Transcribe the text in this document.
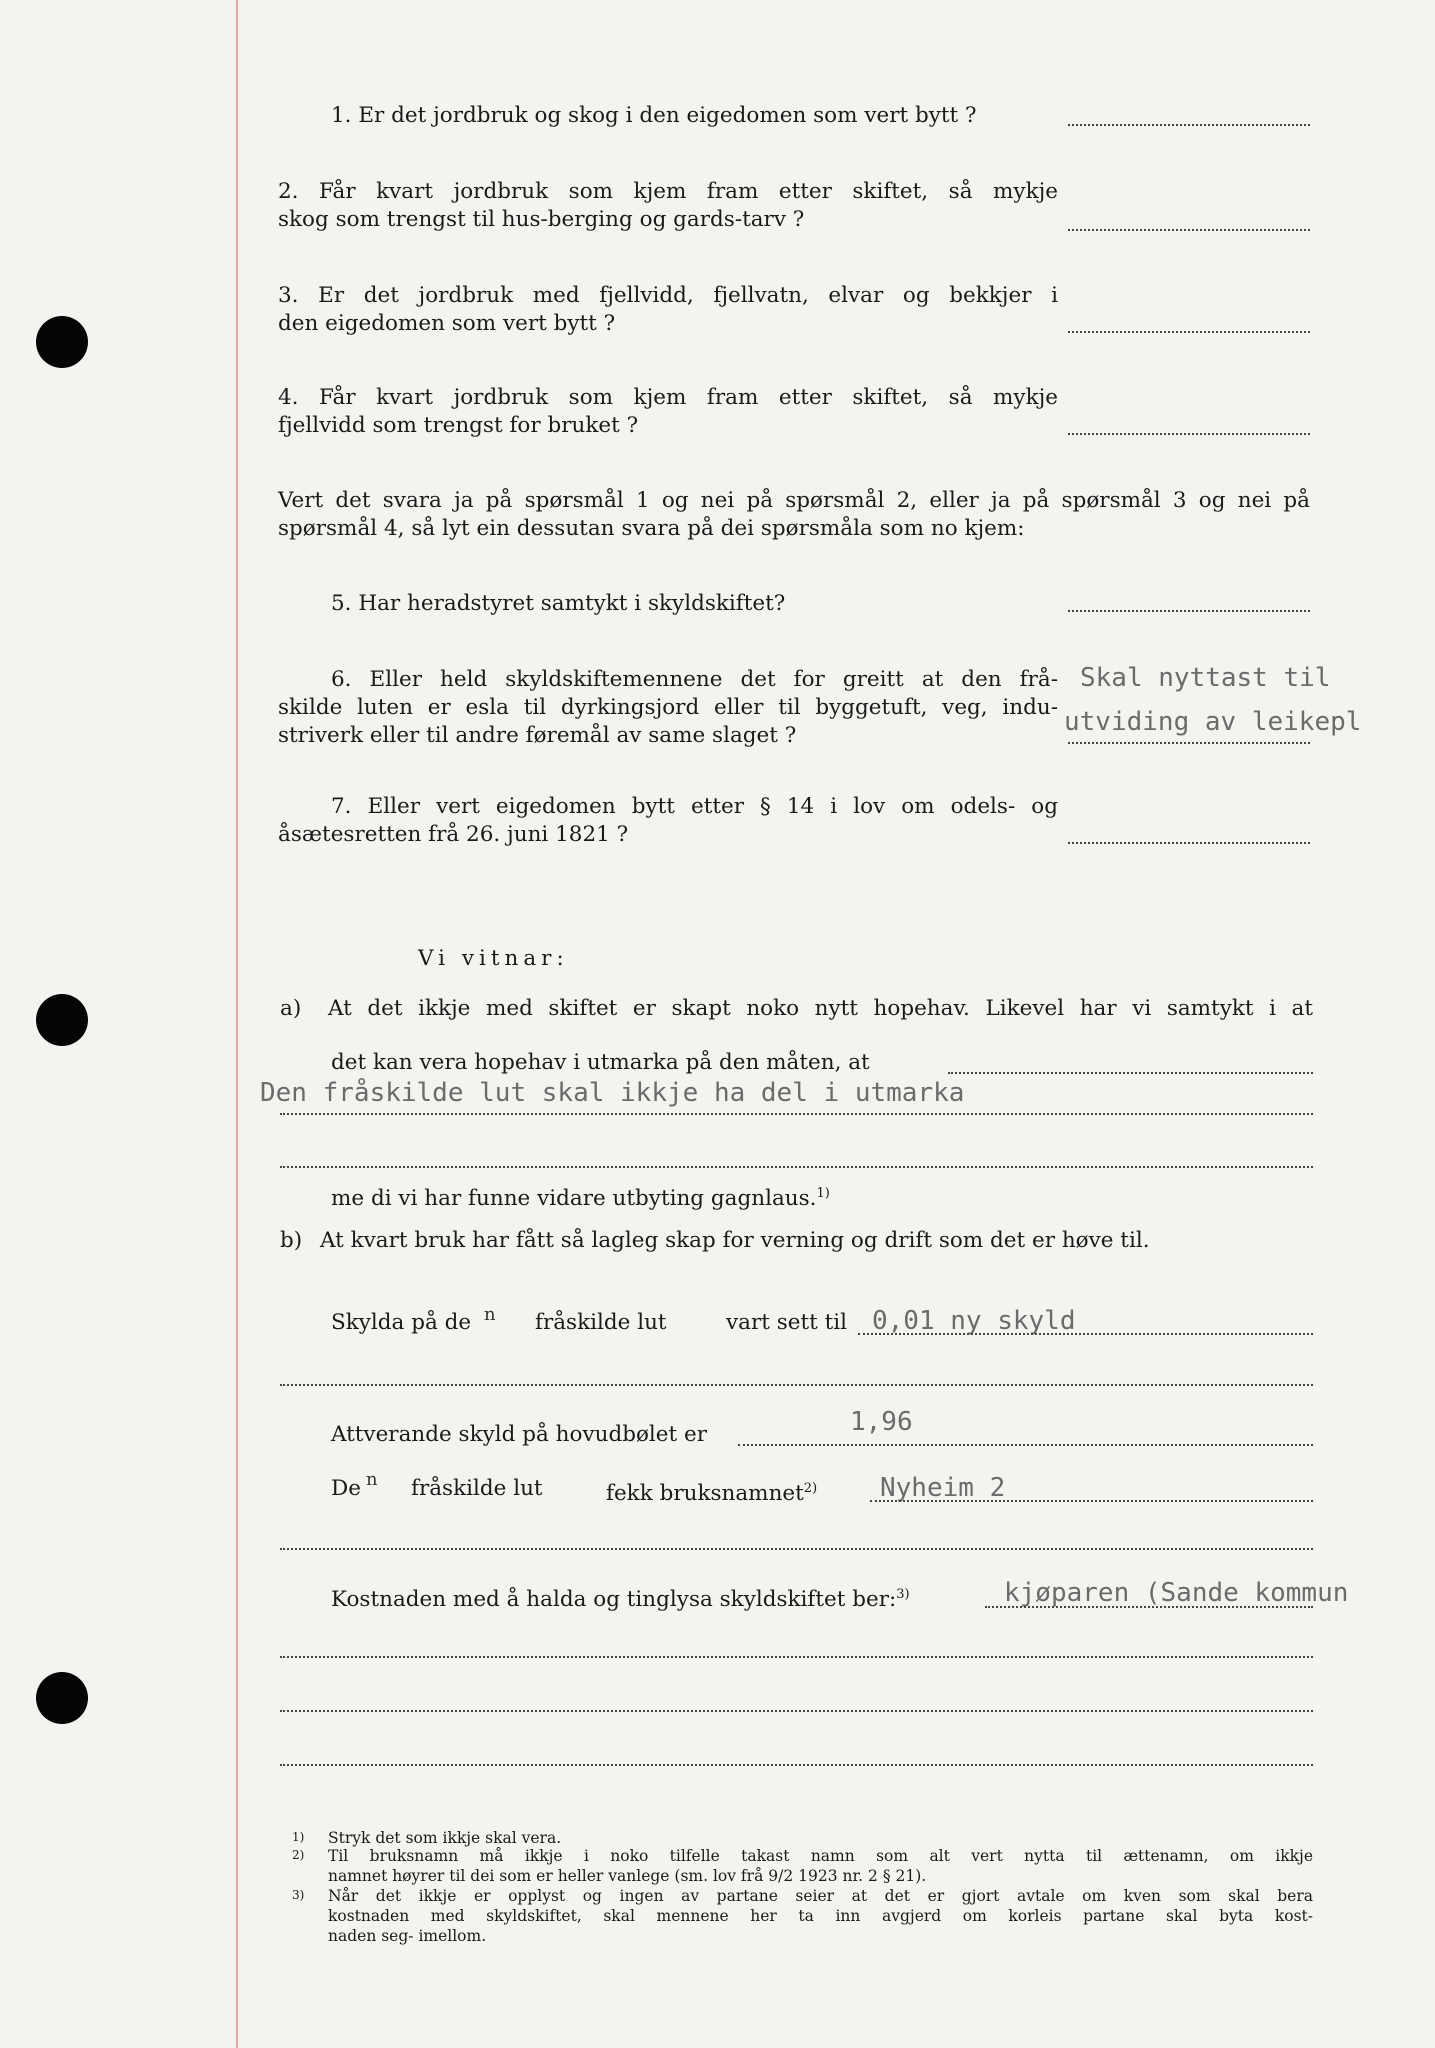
1. Er det jordbruk og skog i den eigedomen som vert bytt ?
2. Får kvart jordbruk som kjem fram etter skiftet, så mykje
skog som trengst til hus-berging og gards-tarv ?
3. Er det jordbruk med fjellvidd, fjellvatn, elvar og bekkjer i
den eigedomen som vert bytt ?
4. Får kvart jordbruk som kjem fram etter skiftet, så mykje
fjellvidd som trengst for bruket ?
Vert det svara ja på spørsmål 1 og nei på spørsmål 2, eller ja på spørsmål 3 og nei på
spørsmål 4, så lyt ein dessutan svara på dei spørsmåla som no kjem:
5. Har heradstyret samtykt i skyldskiftet?
6. Eller held skyldskiftemennene det for greitt at den frå-
skilde luten er esla til dyrkingsjord eller til byggetuft, veg, indu-
striverk eller til andre føremål av same slaget ?
Skal nyttast til
utviding av leikepl
7. Eller vert eigedomen bytt etter § 14 i lov om odels- og
åsætesretten frå 26. juni 1821 ?
Vi vitnar:
a) At det ikkje med skiftet er skapt noko nytt hopehav. Likevel har vi samtykt i at
det kan vera hopehav i utmarka på den måten, at
Den fråskilde lut skal ikkje ha del i utmarka
me di vi har funne vidare utbyting gagnlaus.$^{1)}$
b) At kvart bruk har fått så lagleg skap for verning og drift som det er høve til.
Skylda på de n fråskilde lut	vart sett til 0,01 ny skyld
Attverande skyld på hovudbølet er	1,96
De n fråskilde lut	fekk bruksnamnet$^{2)}$ Nyheim 2
Kostnaden med å halda og tinglysa skyldskiftet ber:$^{3)}$	kjøparen (Sande kommun
1) Stryk det som ikkje skal vera.
2) Til bruksnamn må ikkje i noko tilfelle takast namn som alt vert nytta til ættenamn, om ikkje
namnet høyrer til dei som er heller vanlege (sm. lov frå 9/2 1923 nr. 2 § 21).
3) Når det ikkje er opplyst og ingen av partane seier at det er gjort avtale om kven som skal bera
kostnaden med skyldskiftet, skal mennene her ta inn avgjerd om korleis partane skal byta kost-
naden seg- imellom.
